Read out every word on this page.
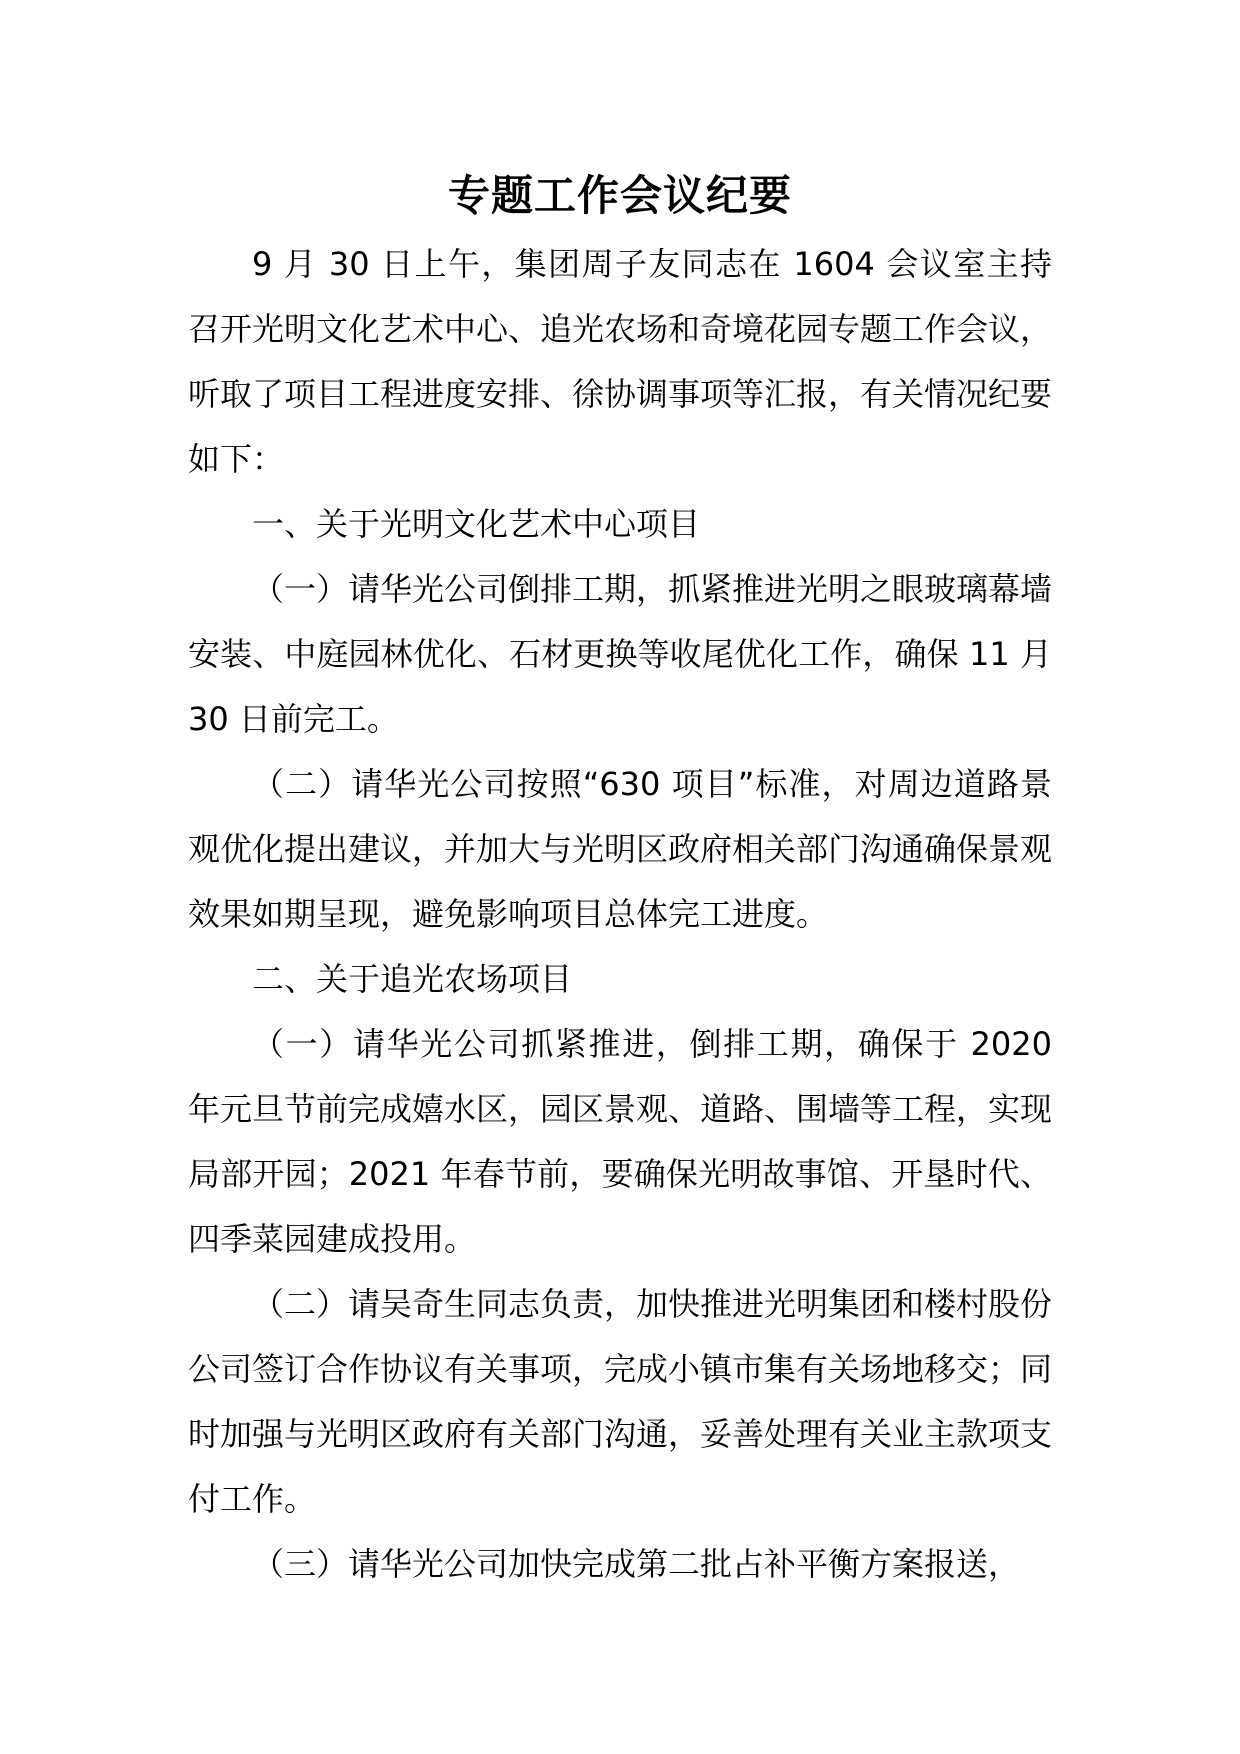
专题工作会议纪要

9 月 30 日上午，集团周子友同志在 1604 会议室主持召开光明文化艺术中心、追光农场和奇境花园专题工作会议，听取了项目工程进度安排、徐协调事项等汇报，有关情况纪要如下：

一、关于光明文化艺术中心项目

（一）请华光公司倒排工期，抓紧推进光明之眼玻璃幕墙安装、中庭园林优化、石材更换等收尾优化工作，确保 11 月 30 日前完工。

（二）请华光公司按照“630 项目”标准，对周边道路景观优化提出建议，并加大与光明区政府相关部门沟通确保景观效果如期呈现，避免影响项目总体完工进度。

二、关于追光农场项目

（一）请华光公司抓紧推进，倒排工期，确保于 2020 年元旦节前完成嬉水区，园区景观、道路、围墙等工程，实现局部开园；2021 年春节前，要确保光明故事馆、开垦时代、四季菜园建成投用。

（二）请吴奇生同志负责，加快推进光明集团和楼村股份公司签订合作协议有关事项，完成小镇市集有关场地移交；同时加强与光明区政府有关部门沟通，妥善处理有关业主款项支付工作。

（三）请华光公司加快完成第二批占补平衡方案报送，
